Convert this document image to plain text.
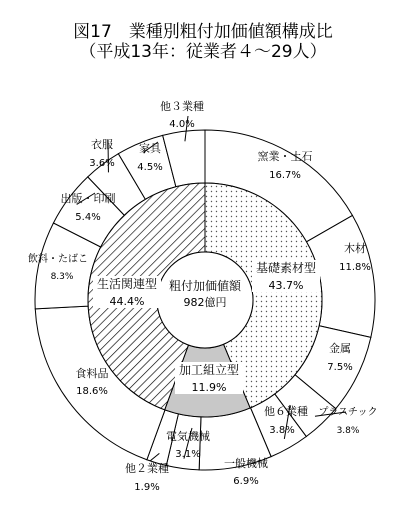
図17　業種別粗付加価値額構成比
（平成13年：従業者４～29人）
窯業・土石
16.7%
木材
11.8%
金属
7.5%
プラスチック
3.8%
他６業種
3.8%
一般機械
6.9%
電気機械
3.1%
他２業種
1.9%
食料品
18.6%
飲料・たばこ
8.3%
出版・印刷
5.4%
衣服
3.6%
家具
4.5%
他３業種
4.0%
基礎素材型
43.7%
加工組立型
11.9%
生活関連型
44.4%
粗付加価値額
982億円
